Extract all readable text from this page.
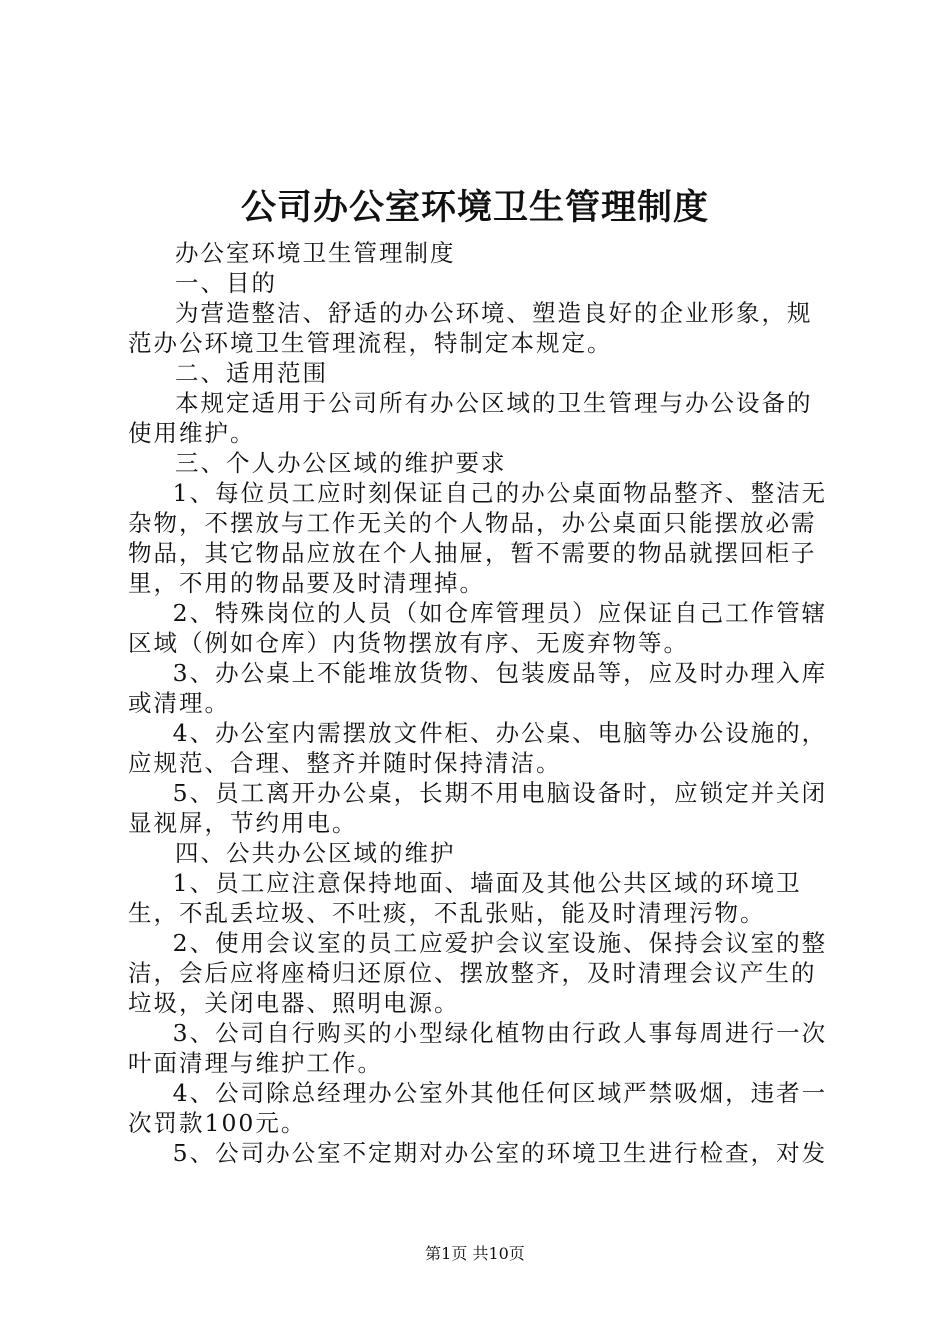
公司办公室环境卫生管理制度

办公室环境卫生管理制度

一、目的

为营造整洁、舒适的办公环境、塑造良好的企业形象，规范办公环境卫生管理流程，特制定本规定。

二、适用范围

本规定适用于公司所有办公区域的卫生管理与办公设备的使用维护。

三、个人办公区域的维护要求

1、每位员工应时刻保证自己的办公桌面物品整齐、整洁无杂物，不摆放与工作无关的个人物品，办公桌面只能摆放必需物品，其它物品应放在个人抽屉，暂不需要的物品就摆回柜子里，不用的物品要及时清理掉。

2、特殊岗位的人员（如仓库管理员）应保证自己工作管辖区域（例如仓库）内货物摆放有序、无废弃物等。

3、办公桌上不能堆放货物、包装废品等，应及时办理入库或清理。

4、办公室内需摆放文件柜、办公桌、电脑等办公设施的，应规范、合理、整齐并随时保持清洁。

5、员工离开办公桌，长期不用电脑设备时，应锁定并关闭显视屏，节约用电。

四、公共办公区域的维护

1、员工应注意保持地面、墙面及其他公共区域的环境卫生，不乱丢垃圾、不吐痰，不乱张贴，能及时清理污物。

2、使用会议室的员工应爱护会议室设施、保持会议室的整洁，会后应将座椅归还原位、摆放整齐，及时清理会议产生的垃圾，关闭电器、照明电源。

3、公司自行购买的小型绿化植物由行政人事每周进行一次叶面清理与维护工作。

4、公司除总经理办公室外其他任何区域严禁吸烟，违者一次罚款100元。

5、公司办公室不定期对办公室的环境卫生进行检查，对发

第1页 共10页
